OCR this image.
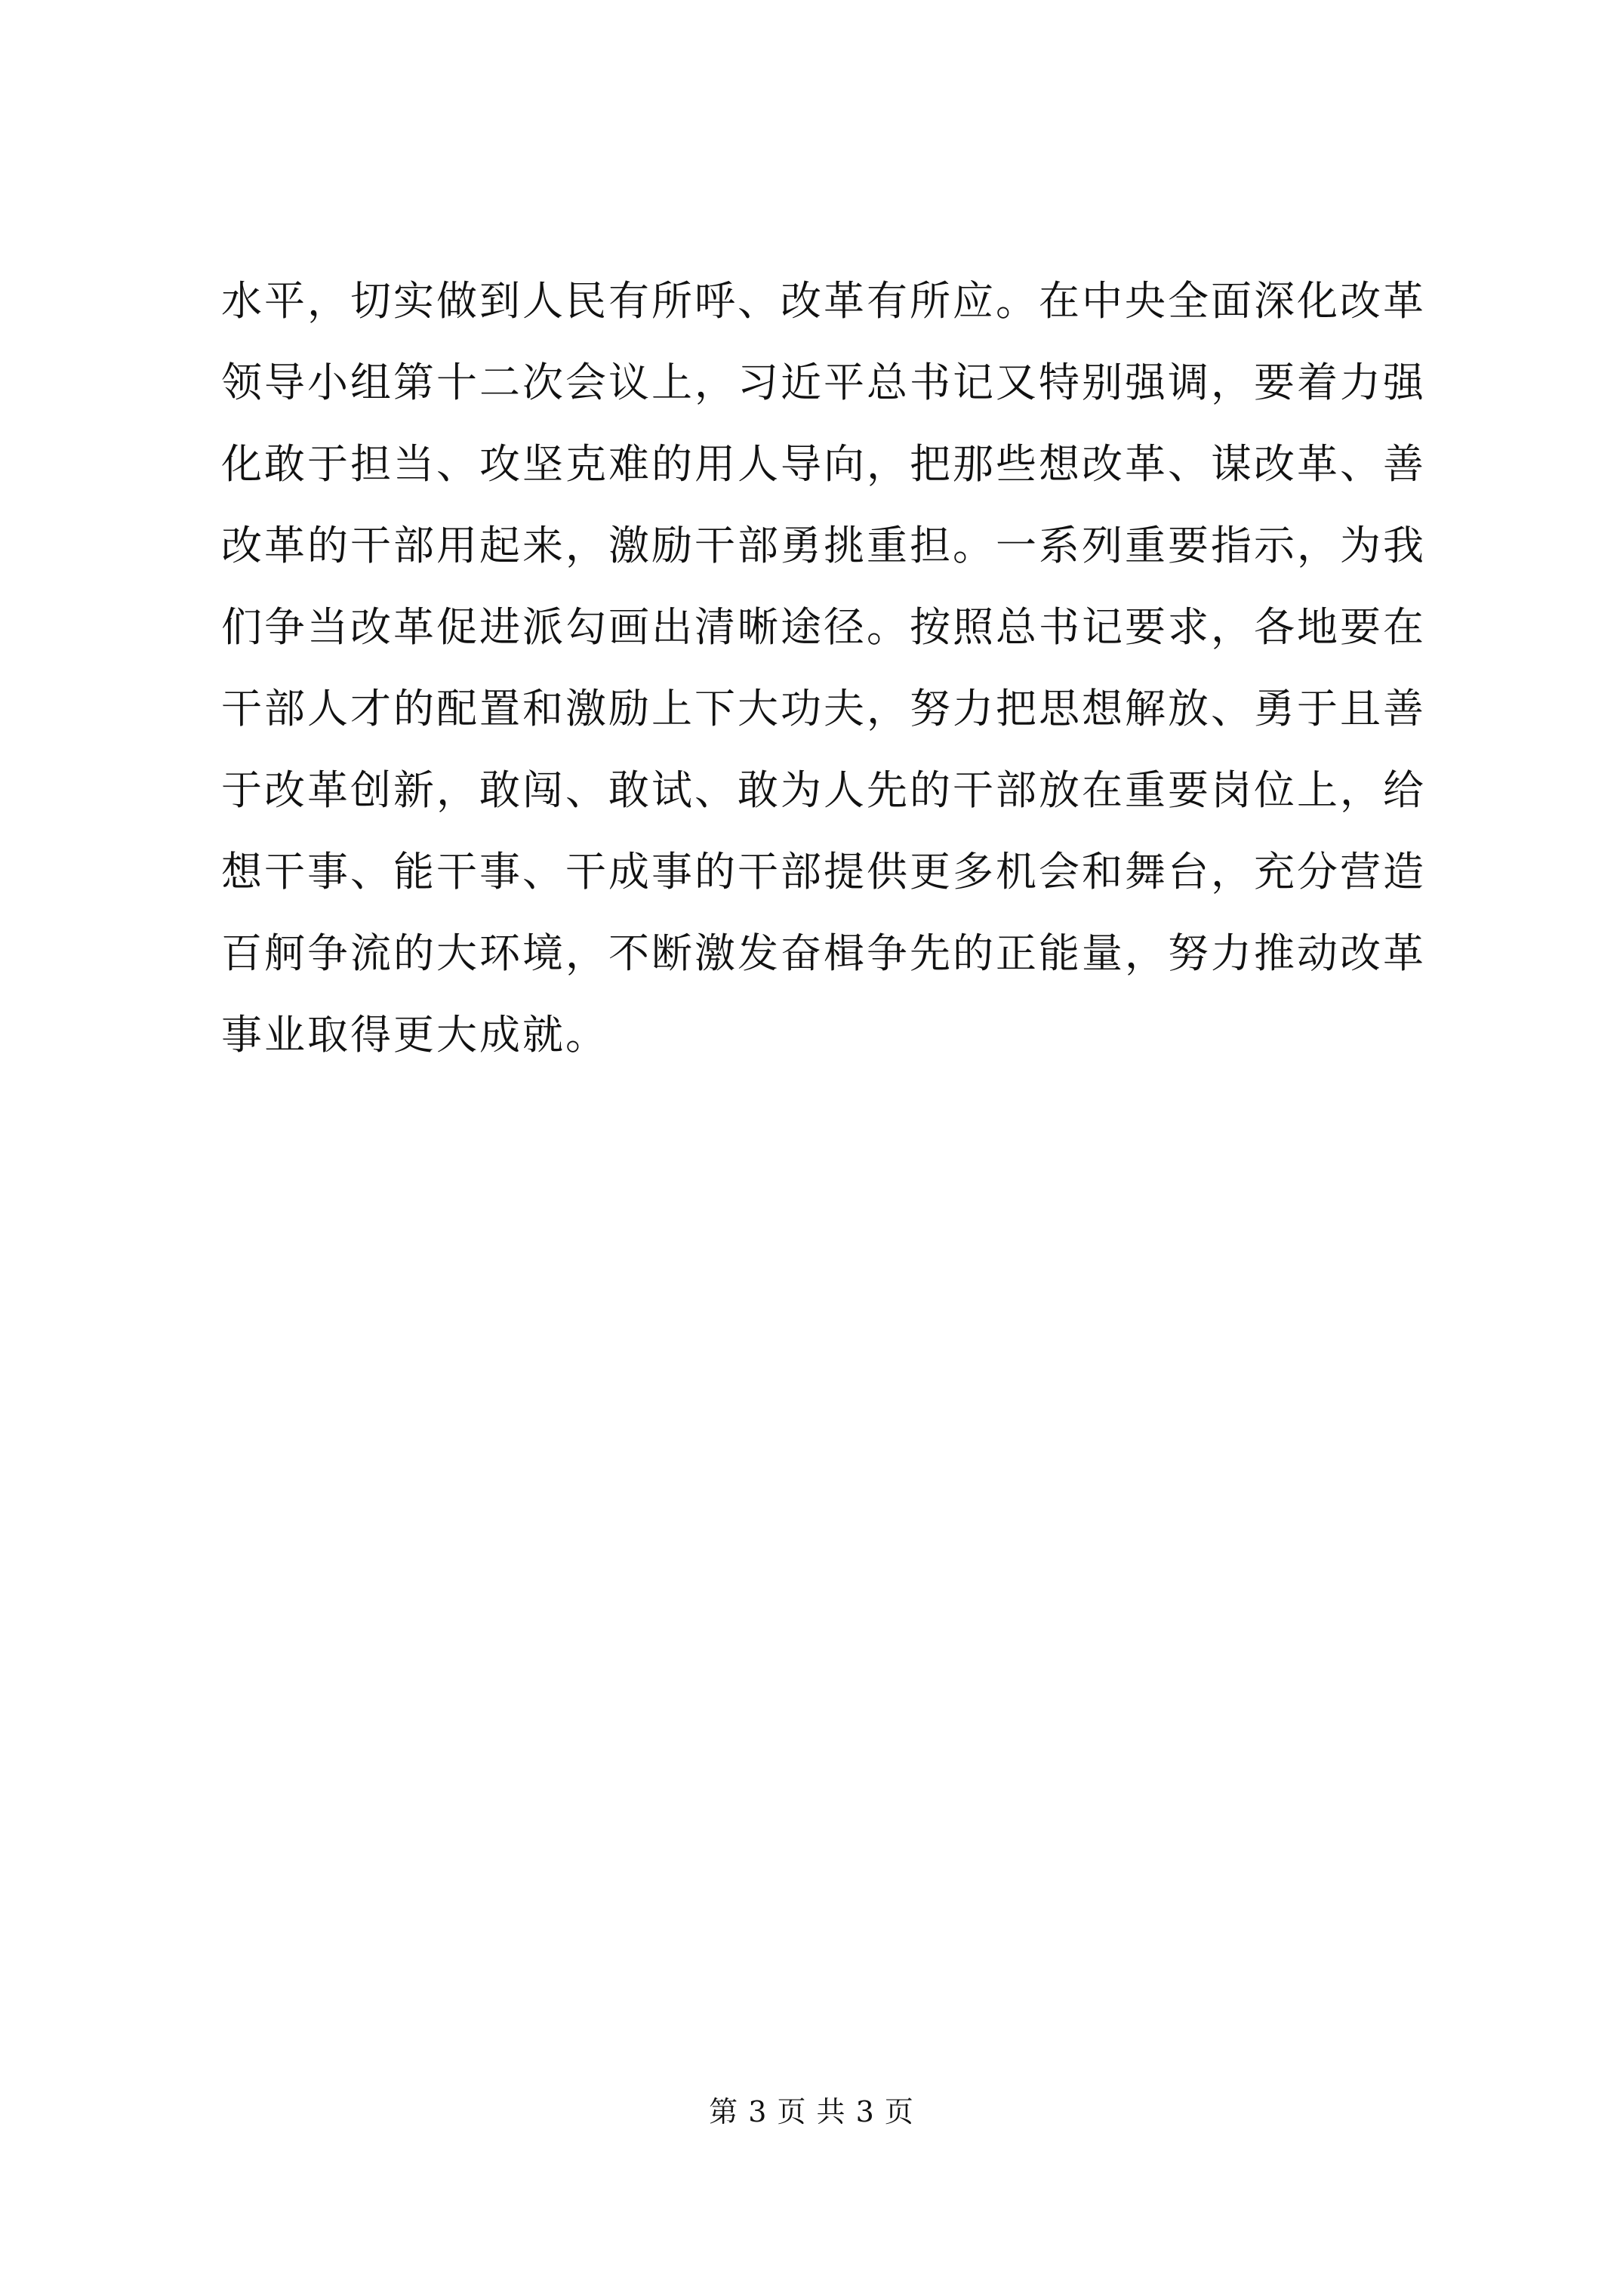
水平，切实做到人民有所呼、改革有所应。在中央全面深化改革
领导小组第十二次会议上，习近平总书记又特别强调，要着力强
化敢于担当、攻坚克难的用人导向，把那些想改革、谋改革、善
改革的干部用起来，激励干部勇挑重担。一系列重要指示，为我
们争当改革促进派勾画出清晰途径。按照总书记要求，各地要在
干部人才的配置和激励上下大功夫，努力把思想解放、勇于且善
于改革创新，敢闯、敢试、敢为人先的干部放在重要岗位上，给
想干事、能干事、干成事的干部提供更多机会和舞台，充分营造
百舸争流的大环境，不断激发奋楫争先的正能量，努力推动改革
事业取得更大成就。
第 3 页 共 3 页
